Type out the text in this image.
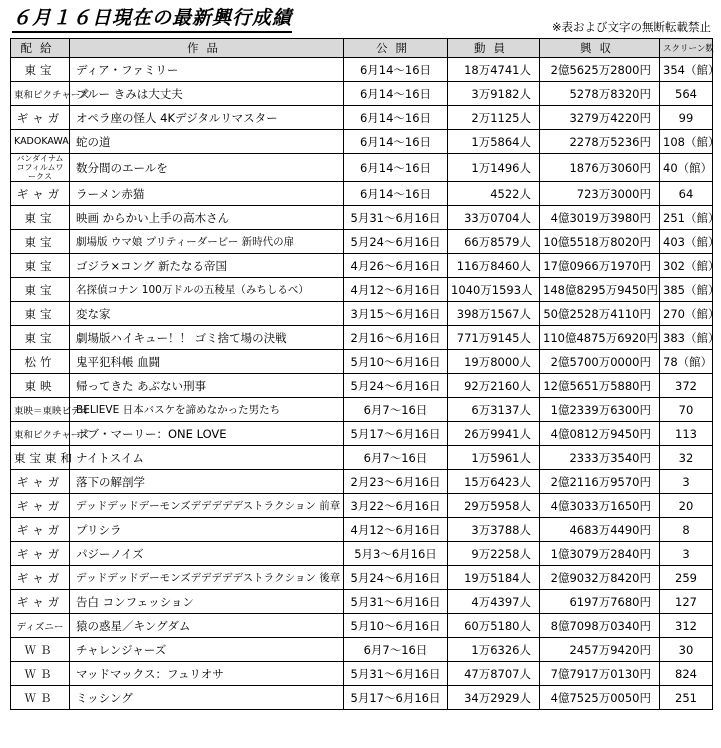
６月１６日現在の最新興行成績	※表および文字の無断転載禁止
配給	作品	公開	動員	興収	スクリーン数
東宝	ディア・ファミリー	6月14〜16日	18万4741人	2億5625万2800円	354（館）
東和ピクチャーズ	ブルー きみは大丈夫	6月14〜16日	3万9182人	5278万8320円	564
ギャガ	オペラ座の怪人 4Kデジタルリマスター	6月14〜16日	2万1125人	3279万4220円	99
KADOKAWA	蛇の道	6月14〜16日	1万5864人	2278万5236円	108（館）
バンダイナムコフィルムワークス	数分間のエールを	6月14〜16日	1万1496人	1876万3060円	40（館）
ギャガ	ラーメン赤猫	6月14〜16日	4522人	723万3000円	64
東宝	映画 からかい上手の高木さん	5月31〜6月16日	33万0704人	4億3019万3980円	251（館）
東宝	劇場版 ウマ娘 プリティーダービー 新時代の扉	5月24〜6月16日	66万8579人	10億5518万8020円	403（館）
東宝	ゴジラ×コング 新たなる帝国	4月26〜6月16日	116万8460人	17億0966万1970円	302（館）
東宝	名探偵コナン 100万ドルの五稜星（みちしるべ）	4月12〜6月16日	1040万1593人	148億8295万9450円	385（館）
東宝	変な家	3月15〜6月16日	398万1567人	50億2528万4110円	270（館）
東宝	劇場版ハイキュー！！ ゴミ捨て場の決戦	2月16〜6月16日	771万9145人	110億4875万6920円	383（館）
松竹	鬼平犯科帳 血闘	5月10〜6月16日	19万8000人	2億5700万0000円	78（館）
東映	帰ってきた あぶない刑事	5月24〜6月16日	92万2160人	12億5651万5880円	372
東映＝東映ビデオ	BELIEVE 日本バスケを諦めなかった男たち	6月7〜16日	6万3137人	1億2339万6300円	70
東和ピクチャーズ	ボブ・マーリー：ONE LOVE	5月17〜6月16日	26万9941人	4億0812万9450円	113
東宝東和	ナイトスイム	6月7〜16日	1万5961人	2333万3540円	32
ギャガ	落下の解剖学	2月23〜6月16日	15万6423人	2億2116万9570円	3
ギャガ	デッドデッドデーモンズデデデデデストラクション 前章	3月22〜6月16日	29万5958人	4億3033万1650円	20
ギャガ	プリシラ	4月12〜6月16日	3万3788人	4683万4490円	8
ギャガ	パジーノイズ	5月3〜6月16日	9万2258人	1億3079万2840円	3
ギャガ	デッドデッドデーモンズデデデデデストラクション 後章	5月24〜6月16日	19万5184人	2億9032万8420円	259
ギャガ	告白 コンフェッション	5月31〜6月16日	4万4397人	6197万7680円	127
ディズニー	猿の惑星／キングダム	5月10〜6月16日	60万5180人	8億7098万0340円	312
ＷＢ	チャレンジャーズ	6月7〜16日	1万6326人	2457万9420円	30
ＷＢ	マッドマックス：フュリオサ	5月31〜6月16日	47万8707人	7億7917万0130円	824
ＷＢ	ミッシング	5月17〜6月16日	34万2929人	4億7525万0050円	251
